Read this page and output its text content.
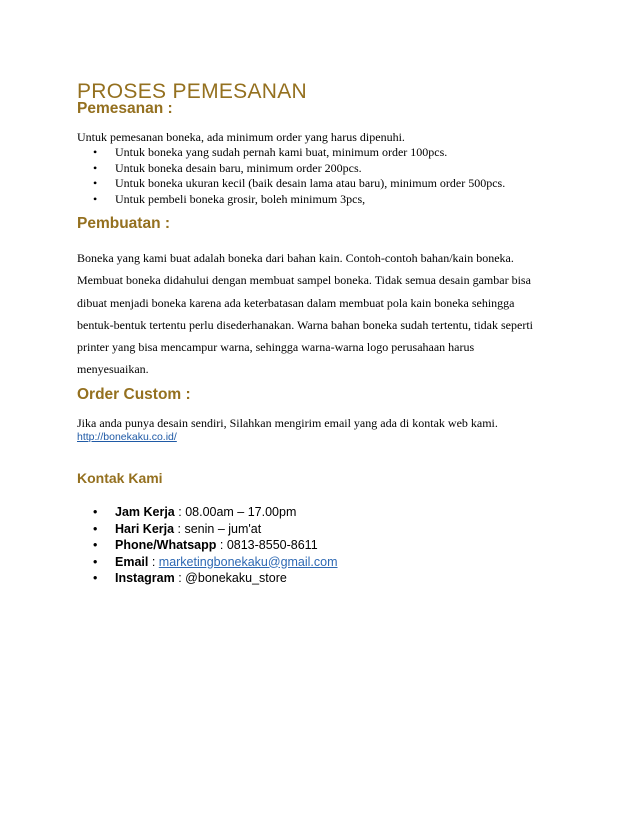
PROSES PEMESANAN
Pemesanan :

Untuk pemesanan boneka, ada minimum order yang harus dipenuhi.

• Untuk boneka yang sudah pernah kami buat, minimum order 100pcs.
• Untuk boneka desain baru, minimum order 200pcs.
• Untuk boneka ukuran kecil (baik desain lama atau baru), minimum order 500pcs.
• Untuk pembeli boneka grosir, boleh minimum 3pcs,
Pembuatan :

Boneka yang kami buat adalah boneka dari bahan kain. Contoh-contoh bahan/kain boneka.

Membuat boneka didahului dengan membuat sampel boneka. Tidak semua desain gambar bisa

dibuat menjadi boneka karena ada keterbatasan dalam membuat pola kain boneka sehingga

bentuk-bentuk tertentu perlu disederhanakan. Warna bahan boneka sudah tertentu, tidak seperti

printer yang bisa mencampur warna, sehingga warna-warna logo perusahaan harus

menyesuaikan.

Order Custom :

Jika anda punya desain sendiri, Silahkan mengirim email yang ada di kontak web kami.

http://bonekaku.co.id/
Kontak Kami
• Jam Kerja : 08.00am – 17.00pm
• Hari Kerja : senin – jum'at
• Phone/Whatsapp : 0813-8550-8611
• Email : marketingbonekaku@gmail.com
• Instagram : @bonekaku_store
